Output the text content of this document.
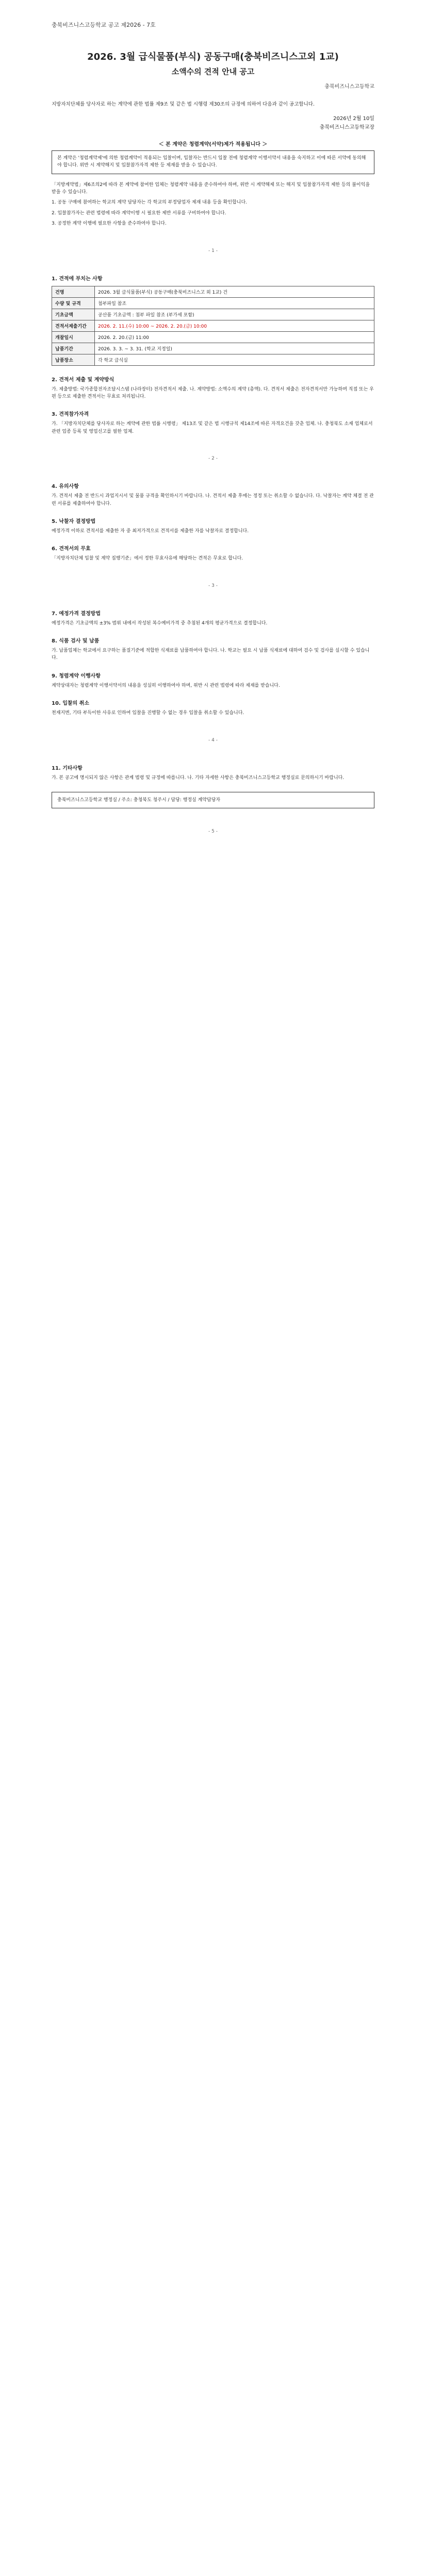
충북비즈니스고등학교 공고 제2026 - 7호
2026. 3월 급식물품(부식) 공동구매(충북비즈니스고외 1교)
소액수의 견적 안내 공고
충북비즈니스고등학교
지방자치단체를 당사자로 하는 계약에 관한 법률 제9조 및 같은 법 시행령 제30조의 규정에 의하여 다음과 같이 공고합니다.
2026년 2월 10일
충북비즈니스고등학교장
＜ 본 계약은 청렴계약(서약)제가 적용됩니다 ＞
본 계약은 '청렴계약제'에 의한 청렴계약이 적용되는 입찰이며, 입찰자는 반드시 입찰 전에 청렴계약 이행서약서 내용을 숙지하고 이에 따른 서약에 동의해야 합니다. 위반 시 계약해지 및 입찰참가자격 제한 등 제재를 받을 수 있습니다.

「지방계약법」제6조의2에 따라 본 계약에 참여한 업체는 청렴계약 내용을 준수하여야 하며, 위반 시 계약해제 또는 해지 및 입찰참가자격 제한 등의 불이익을 받을 수 있습니다.

1. 공동 구매에 참여하는 학교의 계약 담당자는 각 학교의 부정당업자 제재 내용 등을 확인합니다.

2. 입찰참가자는 관련 법령에 따라 계약이행 시 필요한 제반 서류를 구비하여야 합니다.

3. 공정한 계약 이행에 필요한 사항을 준수하여야 합니다.

- 1 -
1. 견적에 부치는 사항
건명	2026. 3월 급식물품(부식) 공동구매(충북비즈니스고 외 1교) 건
수량 및 규격	첨부파일 참조
기초금액	공산품 기초금액 : 첨부 파일 참조 (부가세 포함)
견적서제출기간	2026. 2. 11.(수) 10:00 ~ 2026. 2. 20.(금) 10:00
개찰일시	2026. 2. 20.(금) 11:00
납품기간	2026. 3. 3. ~ 3. 31. (학교 지정일)
납품장소	각 학교 급식실
2. 견적서 제출 및 계약방식
가. 제출방법: 국가종합전자조달시스템 (나라장터) 전자견적서 제출. 나. 계약방법: 소액수의 계약 (총액). 다. 견적서 제출은 전자견적서만 가능하며 직접 또는 우편 등으로 제출한 견적서는 무효로 처리됩니다.
3. 견적참가자격
가. 「지방자치단체를 당사자로 하는 계약에 관한 법률 시행령」 제13조 및 같은 법 시행규칙 제14조에 따른 자격요건을 갖춘 업체. 나. 충청북도 소재 업체로서 관련 업종 등록 및 영업신고를 필한 업체.
- 2 -
4. 유의사항
가. 견적서 제출 전 반드시 과업지시서 및 물품 규격을 확인하시기 바랍니다. 나. 견적서 제출 후에는 정정 또는 취소할 수 없습니다. 다. 낙찰자는 계약 체결 전 관련 서류를 제출하여야 합니다.
5. 낙찰자 결정방법
예정가격 이하로 견적서를 제출한 자 중 최저가격으로 견적서를 제출한 자를 낙찰자로 결정합니다.
6. 견적서의 무효
「지방자치단체 입찰 및 계약 집행기준」에서 정한 무효사유에 해당하는 견적은 무효로 합니다.
- 3 -
7. 예정가격 결정방법
예정가격은 기초금액의 ±3% 범위 내에서 작성된 복수예비가격 중 추첨된 4개의 평균가격으로 결정합니다.
8. 식품 검사 및 납품
가. 납품업체는 학교에서 요구하는 품질기준에 적합한 식재료를 납품하여야 합니다. 나. 학교는 필요 시 납품 식재료에 대하여 검수 및 검사를 실시할 수 있습니다.
9. 청렴계약 이행사항
계약상대자는 청렴계약 이행서약서의 내용을 성실히 이행하여야 하며, 위반 시 관련 법령에 따라 제재를 받습니다.
10. 입찰의 취소
천재지변, 기타 부득이한 사유로 인하여 입찰을 진행할 수 없는 경우 입찰을 취소할 수 있습니다.
- 4 -
11. 기타사항
가. 본 공고에 명시되지 않은 사항은 관계 법령 및 규정에 따릅니다. 나. 기타 자세한 사항은 충북비즈니스고등학교 행정실로 문의하시기 바랍니다.
충북비즈니스고등학교 행정실 / 주소: 충청북도 청주시 / 담당: 행정실 계약담당자
- 5 -
